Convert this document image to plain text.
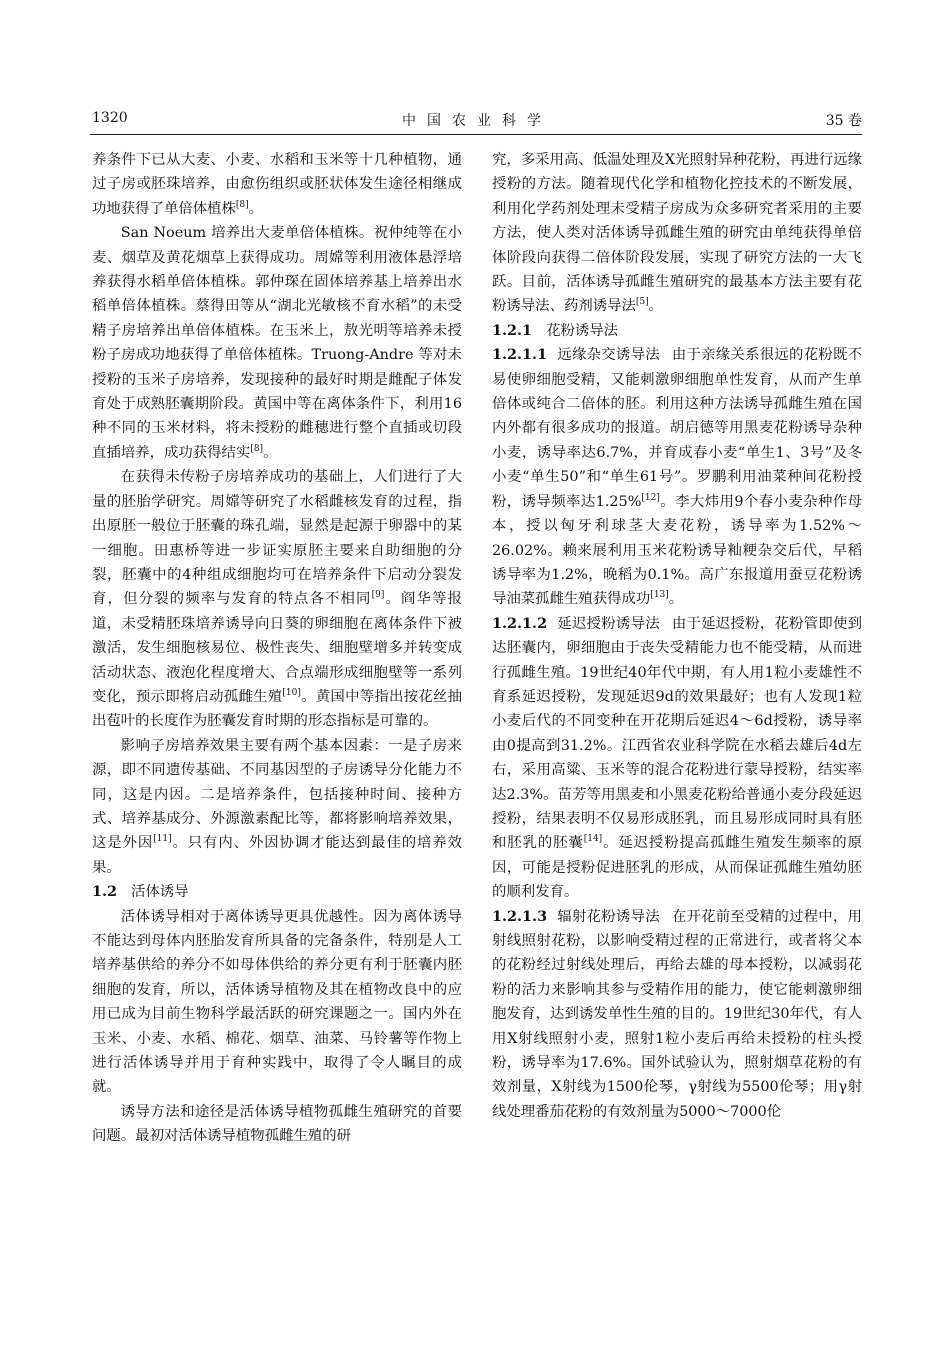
1320	中国农业科学	35 卷

养条件下已从大麦、小麦、水稻和玉米等十几种植物，通过子房或胚珠培养，由愈伤组织或胚状体发生途径相继成功地获得了单倍体植株[8]。

San Noeum 培养出大麦单倍体植株。祝仲纯等在小麦、烟草及黄花烟草上获得成功。周嫦等利用液体悬浮培养获得水稻单倍体植株。郭仲琛在固体培养基上培养出水稻单倍体植株。蔡得田等从“湖北光敏核不育水稻”的未受精子房培养出单倍体植株。在玉米上，敖光明等培养未授粉子房成功地获得了单倍体植株。Truong-Andre 等对未授粉的玉米子房培养，发现接种的最好时期是雌配子体发育处于成熟胚囊期阶段。黄国中等在离体条件下，利用16种不同的玉米材料，将未授粉的雌穗进行整个直插或切段直插培养，成功获得结实[8]。

在获得未传粉子房培养成功的基础上，人们进行了大量的胚胎学研究。周嫦等研究了水稻雌核发育的过程，指出原胚一般位于胚囊的珠孔端，显然是起源于卵器中的某一细胞。田惠桥等进一步证实原胚主要来自助细胞的分裂，胚囊中的4种组成细胞均可在培养条件下启动分裂发育，但分裂的频率与发育的特点各不相同[9]。阎华等报道，未受精胚珠培养诱导向日葵的卵细胞在离体条件下被激活，发生细胞核易位、极性丧失、细胞壁增多并转变成活动状态、液泡化程度增大、合点端形成细胞壁等一系列变化，预示即将启动孤雌生殖[10]。黄国中等指出按花丝抽出苞叶的长度作为胚囊发育时期的形态指标是可靠的。

影响子房培养效果主要有两个基本因素：一是子房来源，即不同遗传基础、不同基因型的子房诱导分化能力不同，这是内因。二是培养条件，包括接种时间、接种方式、培养基成分、外源激素配比等，都将影响培养效果，这是外因[11]。只有内、外因协调才能达到最佳的培养效果。

1.2 活体诱导

活体诱导相对于离体诱导更具优越性。因为离体诱导不能达到母体内胚胎发育所具备的完备条件，特别是人工培养基供给的养分不如母体供给的养分更有利于胚囊内胚细胞的发育，所以，活体诱导植物及其在植物改良中的应用已成为目前生物科学最活跃的研究课题之一。国内外在玉米、小麦、水稻、棉花、烟草、油菜、马铃薯等作物上进行活体诱导并用于育种实践中，取得了令人瞩目的成就。

诱导方法和途径是活体诱导植物孤雌生殖研究的首要问题。最初对活体诱导植物孤雌生殖的研

究，多采用高、低温处理及X光照射异种花粉，再进行远缘授粉的方法。随着现代化学和植物化控技术的不断发展，利用化学药剂处理未受精子房成为众多研究者采用的主要方法，使人类对活体诱导孤雌生殖的研究由单纯获得单倍体阶段向获得二倍体阶段发展，实现了研究方法的一大飞跃。目前，活体诱导孤雌生殖研究的最基本方法主要有花粉诱导法、药剂诱导法[5]。

1.2.1 花粉诱导法

1.2.1.1 远缘杂交诱导法 由于亲缘关系很远的花粉既不易使卵细胞受精，又能刺激卵细胞单性发育，从而产生单倍体或纯合二倍体的胚。利用这种方法诱导孤雌生殖在国内外都有很多成功的报道。胡启德等用黑麦花粉诱导杂种小麦，诱导率达6.7%，并育成春小麦“单生1、3号”及冬小麦“单生50”和“单生61号”。罗鹏利用油菜种间花粉授粉，诱导频率达1.25%[12]。李大炜用9个春小麦杂种作母本，授以匈牙利球茎大麦花粉，诱导率为1.52%～26.02%。赖来展利用玉米花粉诱导籼粳杂交后代，早稻诱导率为1.2%，晚稻为0.1%。高广东报道用蚕豆花粉诱导油菜孤雌生殖获得成功[13]。

1.2.1.2 延迟授粉诱导法 由于延迟授粉，花粉管即使到达胚囊内，卵细胞由于丧失受精能力也不能受精，从而进行孤雌生殖。19世纪40年代中期，有人用1粒小麦雄性不育系延迟授粉，发现延迟9d的效果最好；也有人发现1粒小麦后代的不同变种在开花期后延迟4～6d授粉，诱导率由0提高到31.2%。江西省农业科学院在水稻去雄后4d左右，采用高粱、玉米等的混合花粉进行蒙导授粉，结实率达2.3%。苗芳等用黑麦和小黑麦花粉给普通小麦分段延迟授粉，结果表明不仅易形成胚乳，而且易形成同时具有胚和胚乳的胚囊[14]。延迟授粉提高孤雌生殖发生频率的原因，可能是授粉促进胚乳的形成，从而保证孤雌生殖幼胚的顺利发育。

1.2.1.3 辐射花粉诱导法 在开花前至受精的过程中，用射线照射花粉，以影响受精过程的正常进行，或者将父本的花粉经过射线处理后，再给去雄的母本授粉，以减弱花粉的活力来影响其参与受精作用的能力，使它能刺激卵细胞发育，达到诱发单性生殖的目的。19世纪30年代，有人用X射线照射小麦，照射1粒小麦后再给未授粉的柱头授粉，诱导率为17.6%。国外试验认为，照射烟草花粉的有效剂量，X射线为1500伦琴，γ射线为5500伦琴；用γ射线处理番茄花粉的有效剂量为5000～7000伦
